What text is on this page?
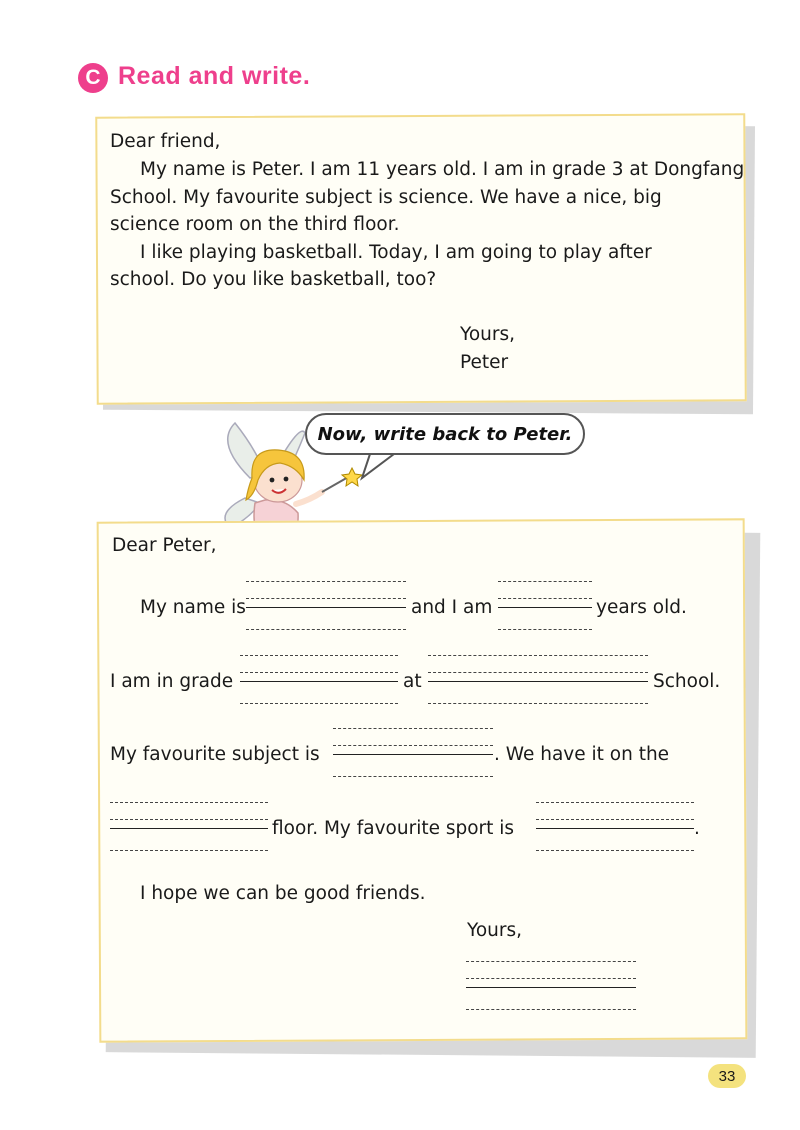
C Read and write.
Dear friend,
My name is Peter. I am 11 years old. I am in grade 3 at Dongfang
School. My favourite subject is science. We have a nice, big
science room on the third floor.
I like playing basketball. Today, I am going to play after
school. Do you like basketball, too?
Yours,
Peter
Now, write back to Peter.
Dear Peter,
My name is	and I am	years old.
I am in grade	at	School.
My favourite subject is	. We have it on the
floor. My favourite sport is	.
I hope we can be good friends.
Yours,
33
